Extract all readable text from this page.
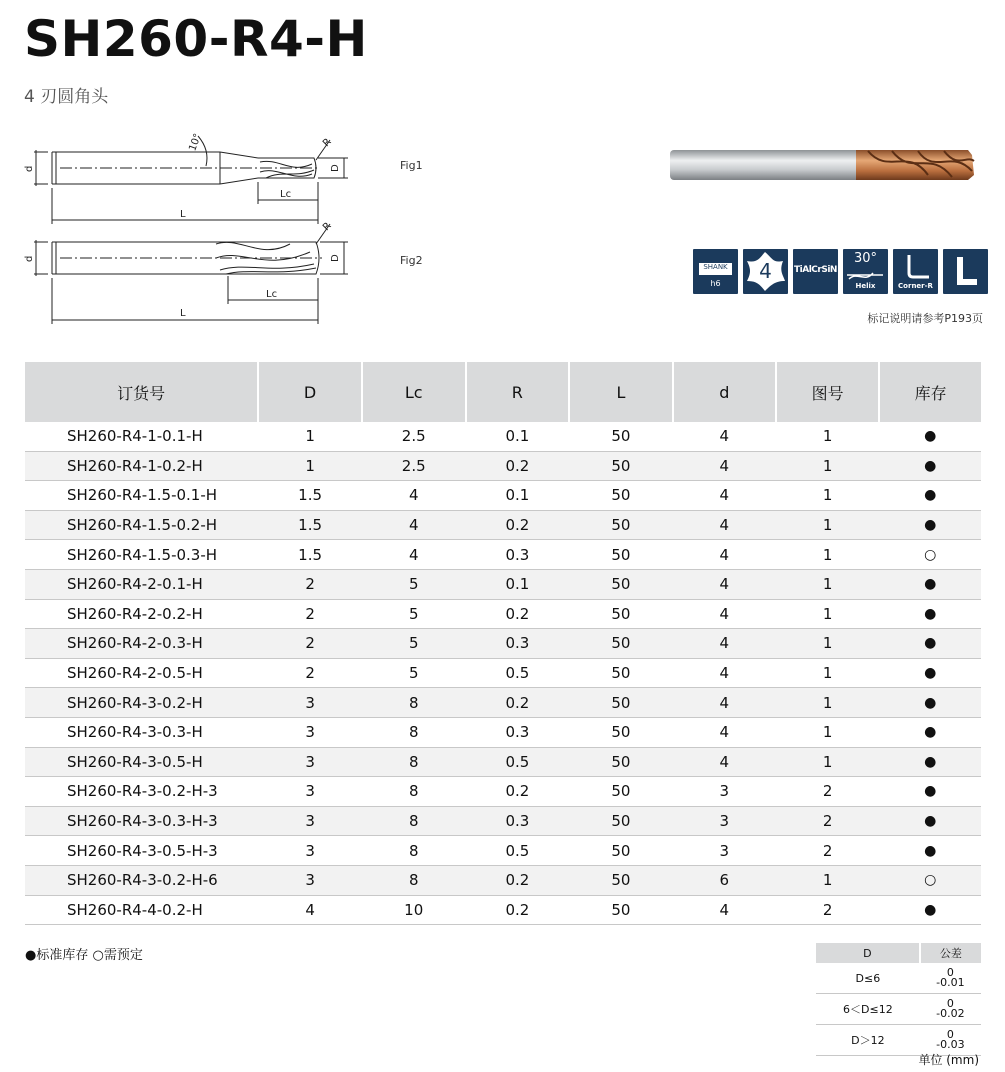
SH260-R4-H
4 刃圆角头
d	D
L
Lc
R
10°
d	D
L
Lc
R
Fig1
Fig2	SHANK
h6
4	TiAlCrSiN
30°
Helix	Corner-R
标记说明请参考P193页
订货号	D	Lc	R	L	d	图号	库存
SH260-R4-1-0.1-H	1	2.5	0.1	50	4	1	●
SH260-R4-1-0.2-H	1	2.5	0.2	50	4	1	●
SH260-R4-1.5-0.1-H	1.5	4	0.1	50	4	1	●
SH260-R4-1.5-0.2-H	1.5	4	0.2	50	4	1	●
SH260-R4-1.5-0.3-H	1.5	4	0.3	50	4	1	○
SH260-R4-2-0.1-H	2	5	0.1	50	4	1	●
SH260-R4-2-0.2-H	2	5	0.2	50	4	1	●
SH260-R4-2-0.3-H	2	5	0.3	50	4	1	●
SH260-R4-2-0.5-H	2	5	0.5	50	4	1	●
SH260-R4-3-0.2-H	3	8	0.2	50	4	1	●
SH260-R4-3-0.3-H	3	8	0.3	50	4	1	●
SH260-R4-3-0.5-H	3	8	0.5	50	4	1	●
SH260-R4-3-0.2-H-3	3	8	0.2	50	3	2	●
SH260-R4-3-0.3-H-3	3	8	0.3	50	3	2	●
SH260-R4-3-0.5-H-3	3	8	0.5	50	3	2	●
SH260-R4-3-0.2-H-6	3	8	0.2	50	6	1	○
SH260-R4-4-0.2-H	4	10	0.2	50	4	2	●
●标准库存 ○需预定	D	公差
D≤6	0
-0.01

6＜D≤12	0
-0.02

D＞12	0
-0.03
单位 (mm)
